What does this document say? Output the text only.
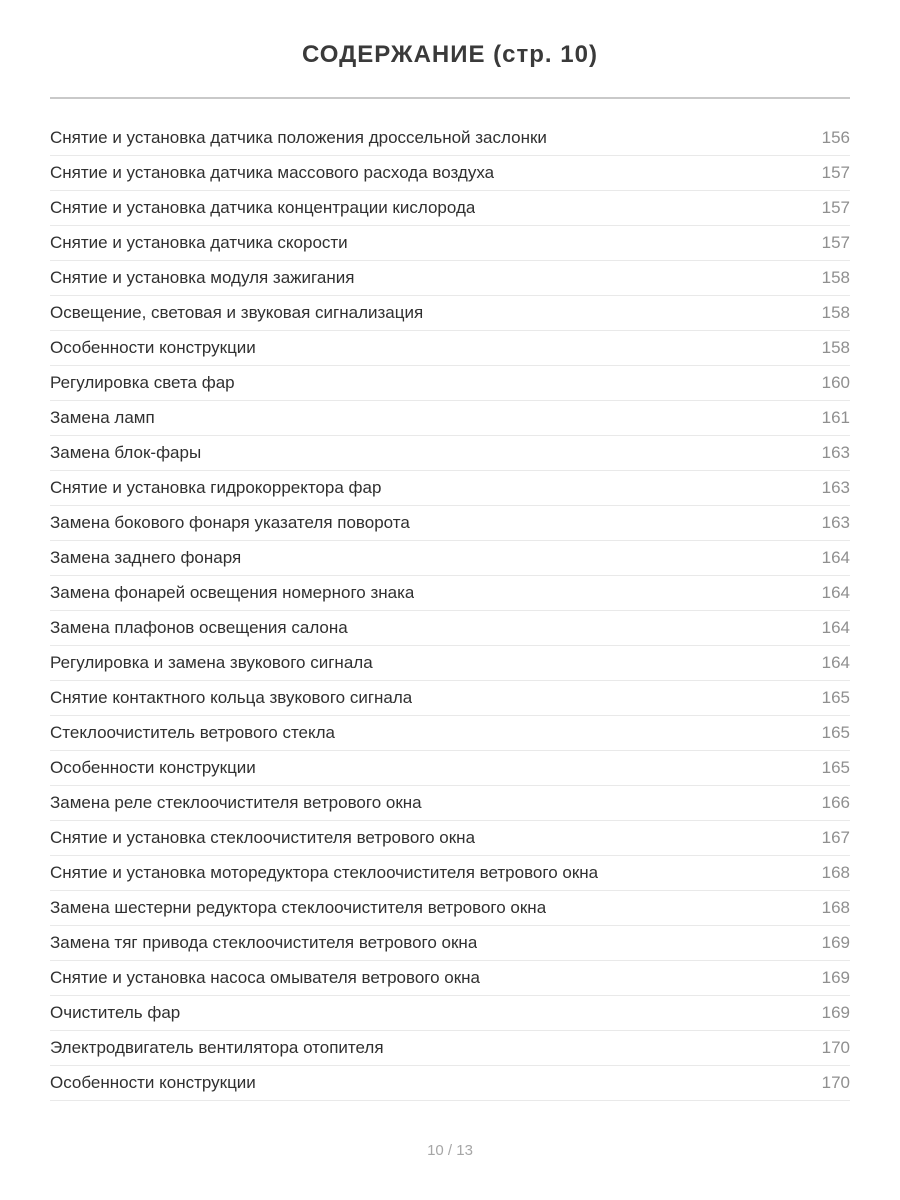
СОДЕРЖАНИЕ (стр. 10)
Снятие и установка датчика положения дроссельной заслонки	156
Снятие и установка датчика массового расхода воздуха	157
Снятие и установка датчика концентрации кислорода	157
Снятие и установка датчика скорости	157
Снятие и установка модуля зажигания	158
Освещение, световая и звуковая сигнализация	158
Особенности конструкции	158
Регулировка света фар	160
Замена ламп	161
Замена блок-фары	163
Снятие и установка гидрокорректора фар	163
Замена бокового фонаря указателя поворота	163
Замена заднего фонаря	164
Замена фонарей освещения номерного знака	164
Замена плафонов освещения салона	164
Регулировка и замена звукового сигнала	164
Снятие контактного кольца звукового сигнала	165
Стеклоочиститель ветрового стекла	165
Особенности конструкции	165
Замена реле стеклоочистителя ветрового окна	166
Снятие и установка стеклоочистителя ветрового окна	167
Снятие и установка моторедуктора стеклоочистителя ветрового окна	168
Замена шестерни редуктора стеклоочистителя ветрового окна	168
Замена тяг привода стеклоочистителя ветрового окна	169
Снятие и установка насоса омывателя ветрового окна	169
Очиститель фар	169
Электродвигатель вентилятора отопителя	170
Особенности конструкции	170
10 / 13
